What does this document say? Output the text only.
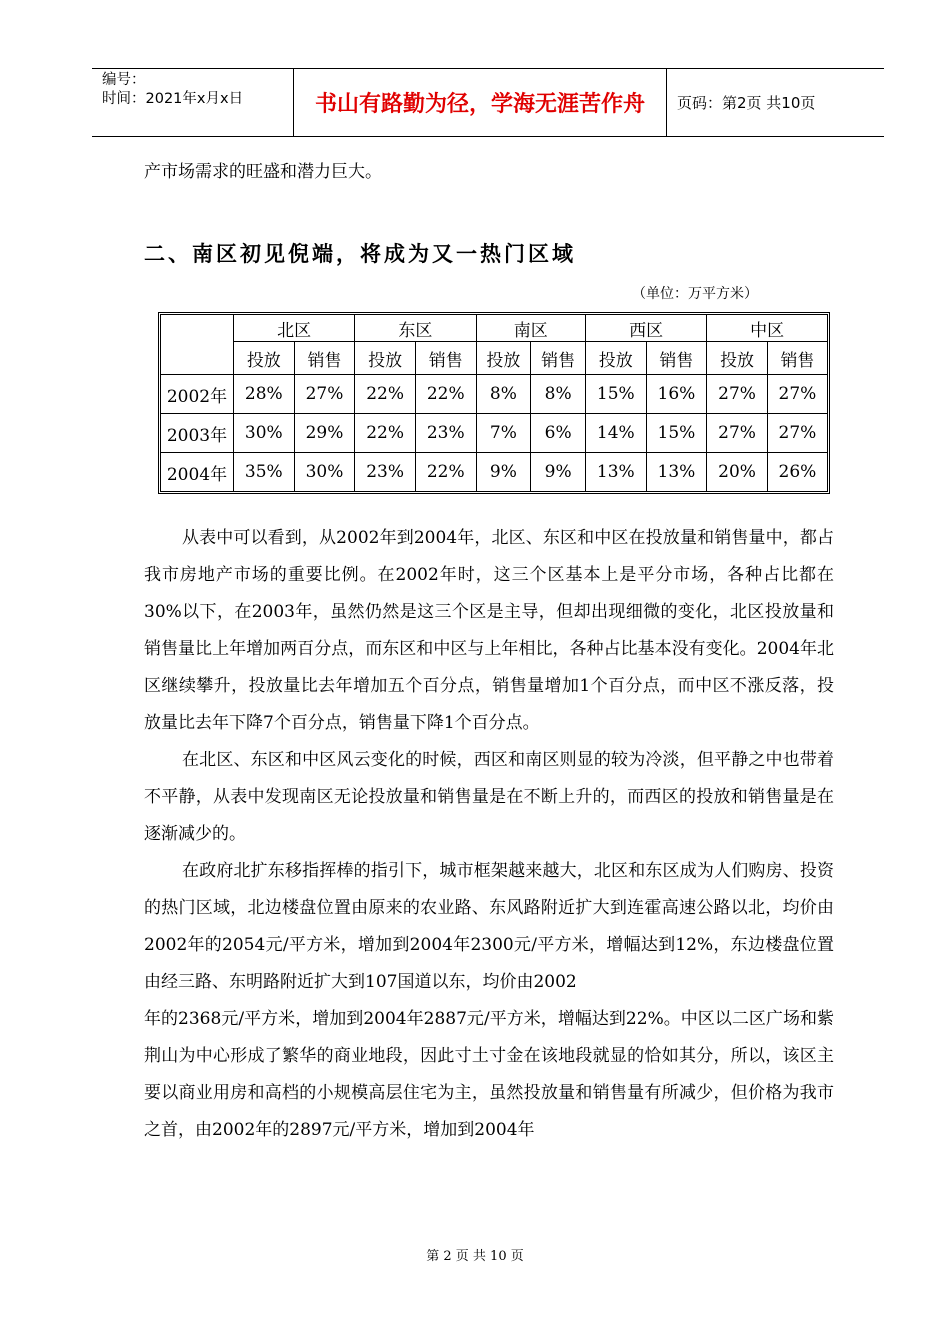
编号：
时间：2021年x月x日	书山有路勤为径，学海无涯苦作舟	页码：第2页 共10页
产市场需求的旺盛和潜力巨大。
二、南区初见倪端，将成为又一热门区域
（单位：万平方米）
	北区		东区		南区		西区		中区	
	投放	销售	投放	销售	投放	销售	投放	销售	投放	销售
2002年	28%	27%	22%	22%	8%	8%	15%	16%	27%	27%
2003年	30%	29%	22%	23%	7%	6%	14%	15%	27%	27%
2004年	35%	30%	23%	22%	9%	9%	13%	13%	20%	26%

从表中可以看到，从2002年到2004年，北区、东区和中区在投放量和销售量中，都占我市房地产市场的重要比例。在2002年时，这三个区基本上是平分市场，各种占比都在30%以下，在2003年，虽然仍然是这三个区是主导，但却出现细微的变化，北区投放量和销售量比上年增加两百分点，而东区和中区与上年相比，各种占比基本没有变化。2004年北区继续攀升，投放量比去年增加五个百分点，销售量增加1个百分点，而中区不涨反落，投放量比去年下降7个百分点，销售量下降1个百分点。

在北区、东区和中区风云变化的时候，西区和南区则显的较为冷淡，但平静之中也带着不平静，从表中发现南区无论投放量和销售量是在不断上升的，而西区的投放和销售量是在逐渐减少的。

在政府北扩东移指挥棒的指引下，城市框架越来越大，北区和东区成为人们购房、投资的热门区域，北边楼盘位置由原来的农业路、东风路附近扩大到连霍高速公路以北，均价由2002年的2054元/平方米，增加到2004年2300元/平方米，增幅达到12%，东边楼盘位置由经三路、东明路附近扩大到107国道以东，均价由2002

年的2368元/平方米，增加到2004年2887元/平方米，增幅达到22%。中区以二区广场和紫荆山为中心形成了繁华的商业地段，因此寸土寸金在该地段就显的恰如其分，所以，该区主要以商业用房和高档的小规模高层住宅为主，虽然投放量和销售量有所减少，但价格为我市之首，由2002年的2897元/平方米，增加到2004年

第 2 页 共 10 页
